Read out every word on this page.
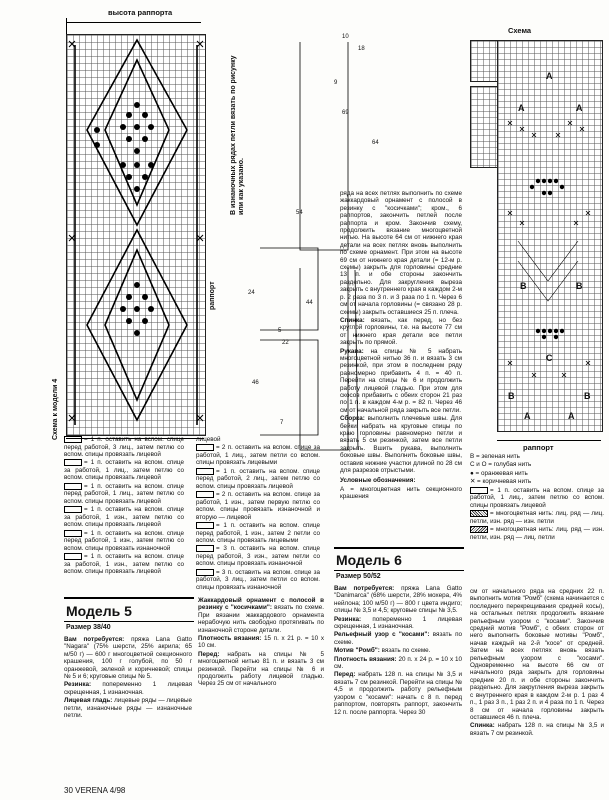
высота раппорта
Схема к модели 4
раппорт
В изнаночных рядах петли вязать по рисунку или как указано.
10
18
9
69
64
54
44
24
5
46
7
22

ряда на всех петлях выполнить по схеме жаккардовый орнамент с полосой в резинку с "косичками"; кром., 6 раппортов, закончить петлей после раппорта и кром. Закончив схему, продолжить вязание многоцветной нитью. На высоте 64 см от нижнего края детали на всех петлях вновь выполнить по схеме орнамент. При этом на высоте 69 см от нижнего края детали (= 12-м р. схемы) закрыть для горловины средние 13 п. и обе стороны закончить раздельно. Для закругления выреза закрыть с внутреннего края в каждом 2-м р. 2 раза по 3 п. и 3 раза по 1 п. Через 6 см от начала горловины (= связано 28 р. схемы) закрыть оставшиеся 25 п. плеча.

Спинка: вязать, как перед, но без круглой горловины, т.е. на высоте 77 см от нижнего края детали все петли закрыть по прямой.

Рукава: на спицы № 5 набрать многоцветной нитью 36 п. и вязать 3 см резинкой, при этом в последнем ряду равномерно прибавить 4 п. = 40 п. Перейти на спицы № 6 и продолжить работу лицевой гладью. При этом для скосов прибавить с обеих сторон 21 раз по 1 п. в каждом 4-м р. = 82 п. Через 46 см от начальной ряда закрыть все петли.

Сборка: выполнить плечевые швы. Для бейки набрать на круговые спицы по краю горловины равномерно петли и вязать 5 см резинкой, затем все петли закрыть. Вшить рукава, выполнить боковые швы. Выполнить боковые швы, оставив нижние участки длиной по 28 см для разрезов отрыстыми.

Условные обозначения:

А = многоцветная нить секционного крашения

Схема
A
A	A
B	B
B	B
C
A	A
раппорт

= 1 п. оставить на вспом. спице перед работой, 3 лиц., затем петлю со вспом. спицы провязать лицевой

= 1 п. оставить на вспом. спице за работой, 1 лиц., затем петлю со вспом. спицы провязать лицевой

= 1 п. оставить на вспом. спице перед работой, 1 лиц., затем петлю со вспом. спицы провязать лицевой

= 1 п. оставить на вспом. спице за работой, 1 изн., затем петлю со вспом. спицы провязать лицевой

= 1 п. оставить на вспом. спице перед работой, 1 изн., затем петлю со вспом. спицы провязать изнаночной

= 1 п. оставить на вспом. спице за работой, 1 изн., затем петлю со вспом. спицы провязать лицевой

лицевой

= 2 п. оставить на вспом. спице за работой, 1 лиц., затем петли со вспом. спицы провязать лицевыми

= 1 п. оставить на вспом. спице перед работой, 2 лиц., затем петлю со вспом. спицы провязать лицевой

= 2 п. оставить на вспом. спице за работой, 1 изн., затем первую петлю со вспом. спицы провязать изнаночной и вторую — лицевой

= 1 п. оставить на вспом. спице перед работой, 1 изн., затем 2 петли со вспом. спицы провязать лицевыми

= 3 п. оставить на вспом. спице перед работой, 3 изн., затем петли со вспом. спицы провязать изнаночной

= 3 п. оставить на вспом. спице за работой, 3 лиц., затем петли со вспом. спицы провязать изнаночной

Модель 5
Размер 38/40

Вам потребуется: пряжа Lana Gatto "Nagara" (75% шерсти, 25% акрила; 65 м/50 г) — 600 г многоцветной секционного крашения, 100 г голубой, по 50 г оранжевой, зеленой и коричневой; спицы № 5 и 6; круговые спицы № 5.

Резинка: попеременно 1 лицевая скрещенная, 1 изнаночная.

Лицевая гладь: лицевые ряды — лицевые петли, изнаночные ряды — изнаночные петли.

Жаккардовый орнамент с полосой в резинку с "косичками": вязать по схеме. При вязании жаккардового орнамента нерабочую нить свободно протягивать по изнаночной стороне детали.

Плотность вязания: 15 п. х 21 р. = 10 х 10 см.

Перед: набрать на спицы № 5 многоцветной нитью 81 п. и вязать 3 см резинкой. Перейти на спицы № 6 и продолжить работу лицевой гладью. Через 25 см от начального

Модель 6
Размер 50/52

Вам потребуется: пряжа Lana Gatto "Danimarca" (68% шерсти, 28% мохера, 4% нейлона; 100 м/50 г) — 800 г цвета индиго; спицы № 3,5 и 4,5; круговые спицы № 3,5.

Резинка: попеременно 1 лицевая скрещенная, 1 изнаночная.

Рельефный узор с "косами": вязать по схеме.

Мотив "Ромб": вязать по схеме.

Плотность вязания: 20 п. х 24 р. = 10 х 10 см.

Перед: набрать 128 п. на спицы № 3,5 и вязать 7 см резинкой. Перейти на спицы № 4,5 и продолжить работу рельефным узором с "косами": начать с 8 п. перед раппортом, повторять раппорт, закончить 12 п. после раппорта. Через 30

В = зеленая нить

С и О = голубая нить

● = оранжевая нить

✕ = коричневая нить

= 1 п. оставить на вспом. спице за работой, 1 лиц., затем петлю со вспом. спицы провязать лицевой

= многоцветная нить: лиц. ряд — лиц. петли, изн. ряд — изн. петли

= многоцветная нить: лиц. ряд — изн. петли, изн. ряд — лиц. петли

см от начального ряда на средних 22 п. выполнить мотив "Ромб" (схема начинается с последнего перекрещивания средней косы), на остальных петлях продолжить вязание рельефным узором с "косами". Закончив средний мотив "Ромб", с обеих сторон от него выполнить боковые мотивы "Ромб", начав каждый на 2-й "косе" от средней. Затем на всех петлях вновь вязать рельефным узором с "косами". Одновременно на высоте 66 см от начального ряда закрыть для горловины средние 20 п. и обе стороны закончить раздельно. Для закругления выреза закрыть с внутреннего края в каждом 2-м р. 1 раз 4 п., 1 раз 3 п., 1 раз 2 п. и 4 раза по 1 п. Через 8 см от начала горловины закрыть оставшиеся 46 п. плеча.

Спинка: набрать 128 п. на спицы № 3,5 и вязать 7 см резинкой.

30 VERENA 4/98
